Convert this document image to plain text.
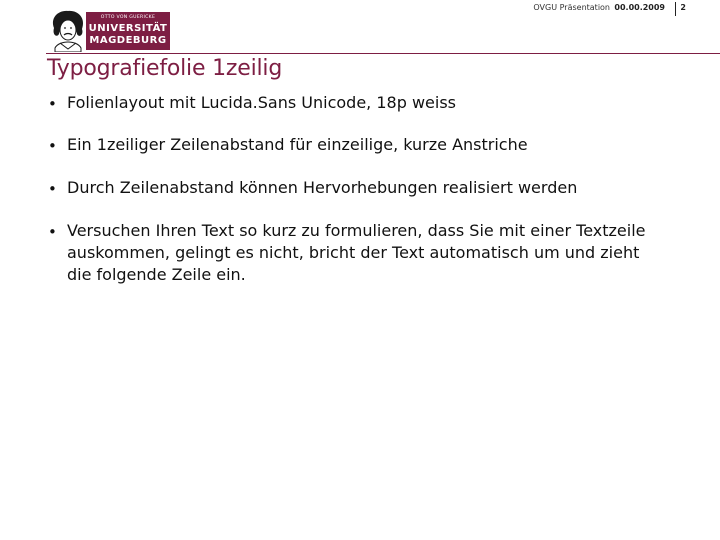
OTTO VON GUERICKE
UNIVERSITÄT
MAGDEBURG
OVGU Präsentation 00.00.2009 2
Typografiefolie 1zeilig
• Folienlayout mit Lucida.Sans Unicode, 18p weiss
• Ein 1zeiliger Zeilenabstand für einzeilige, kurze Anstriche
• Durch Zeilenabstand können Hervorhebungen realisiert werden
• Versuchen Ihren Text so kurz zu formulieren, dass Sie mit einer Textzeile auskommen, gelingt es nicht, bricht der Text automatisch um und zieht die folgende Zeile ein.
